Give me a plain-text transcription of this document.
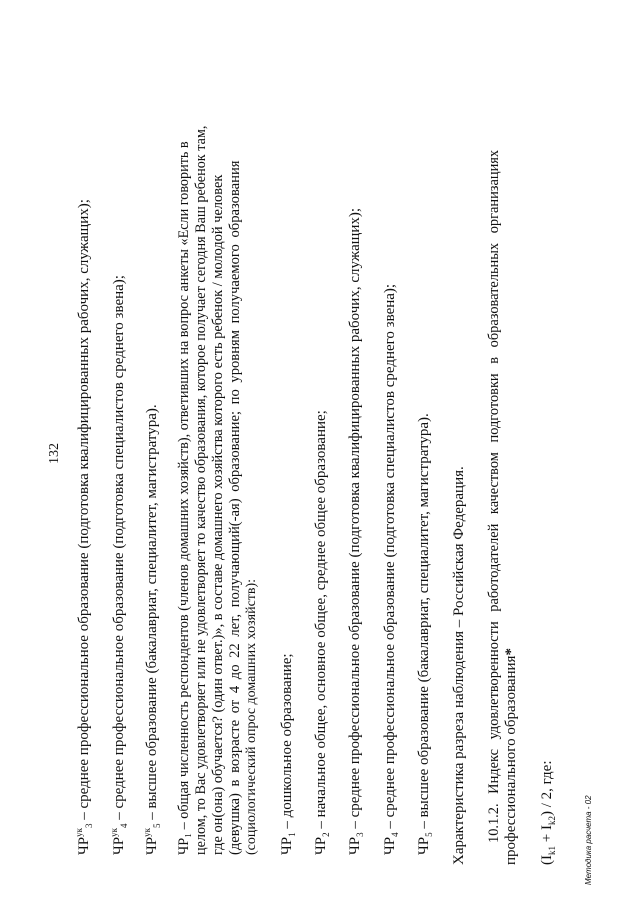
132
$ЧР^{ук}_3$ – среднее профессиональное образование (подготовка квалифицированных рабочих, служащих);
$ЧР^{ук}_4$ – среднее профессиональное образование (подготовка специалистов среднего звена);
$ЧР^{ук}_5$ – высшее образование (бакалавриат, специалитет, магистратура). ЧР₁ – общая численность респондентов (членов домашних хозяйств), ответивших на вопрос анкеты «Если говорить в целом, то Вас удовлетворяет или не удовлетворяет то качество образования, которое получает сегодня Ваш ребенок там, где он(она) обучается? (один ответ.)», в составе домашнего хозяйства которого есть ребенок / молодой человек (девушка) в возрасте от 4 до 22 лет, получающий(-ая) образование; по уровням получаемого образования (социологический опрос домашних хозяйств): $ЧР_1$ – дошкольное образование;
$ЧР_2$ – начальное общее, основное общее, среднее общее образование;
$ЧР_3$ – среднее профессиональное образование (подготовка квалифицированных рабочих, служащих);
$ЧР_4$ – среднее профессиональное образование (подготовка специалистов среднего звена);
$ЧР_5$ – высшее образование (бакалавриат, специалитет, магистратура). Характеристика разреза наблюдения – Российская Федерация. 10.1.2. Индекс удовлетворенности работодателей качеством подготовки в образовательных организациях профессионального образования*
$(I_{k1} + I_{k2}) / 2$, где:
Методика расчета - 02
